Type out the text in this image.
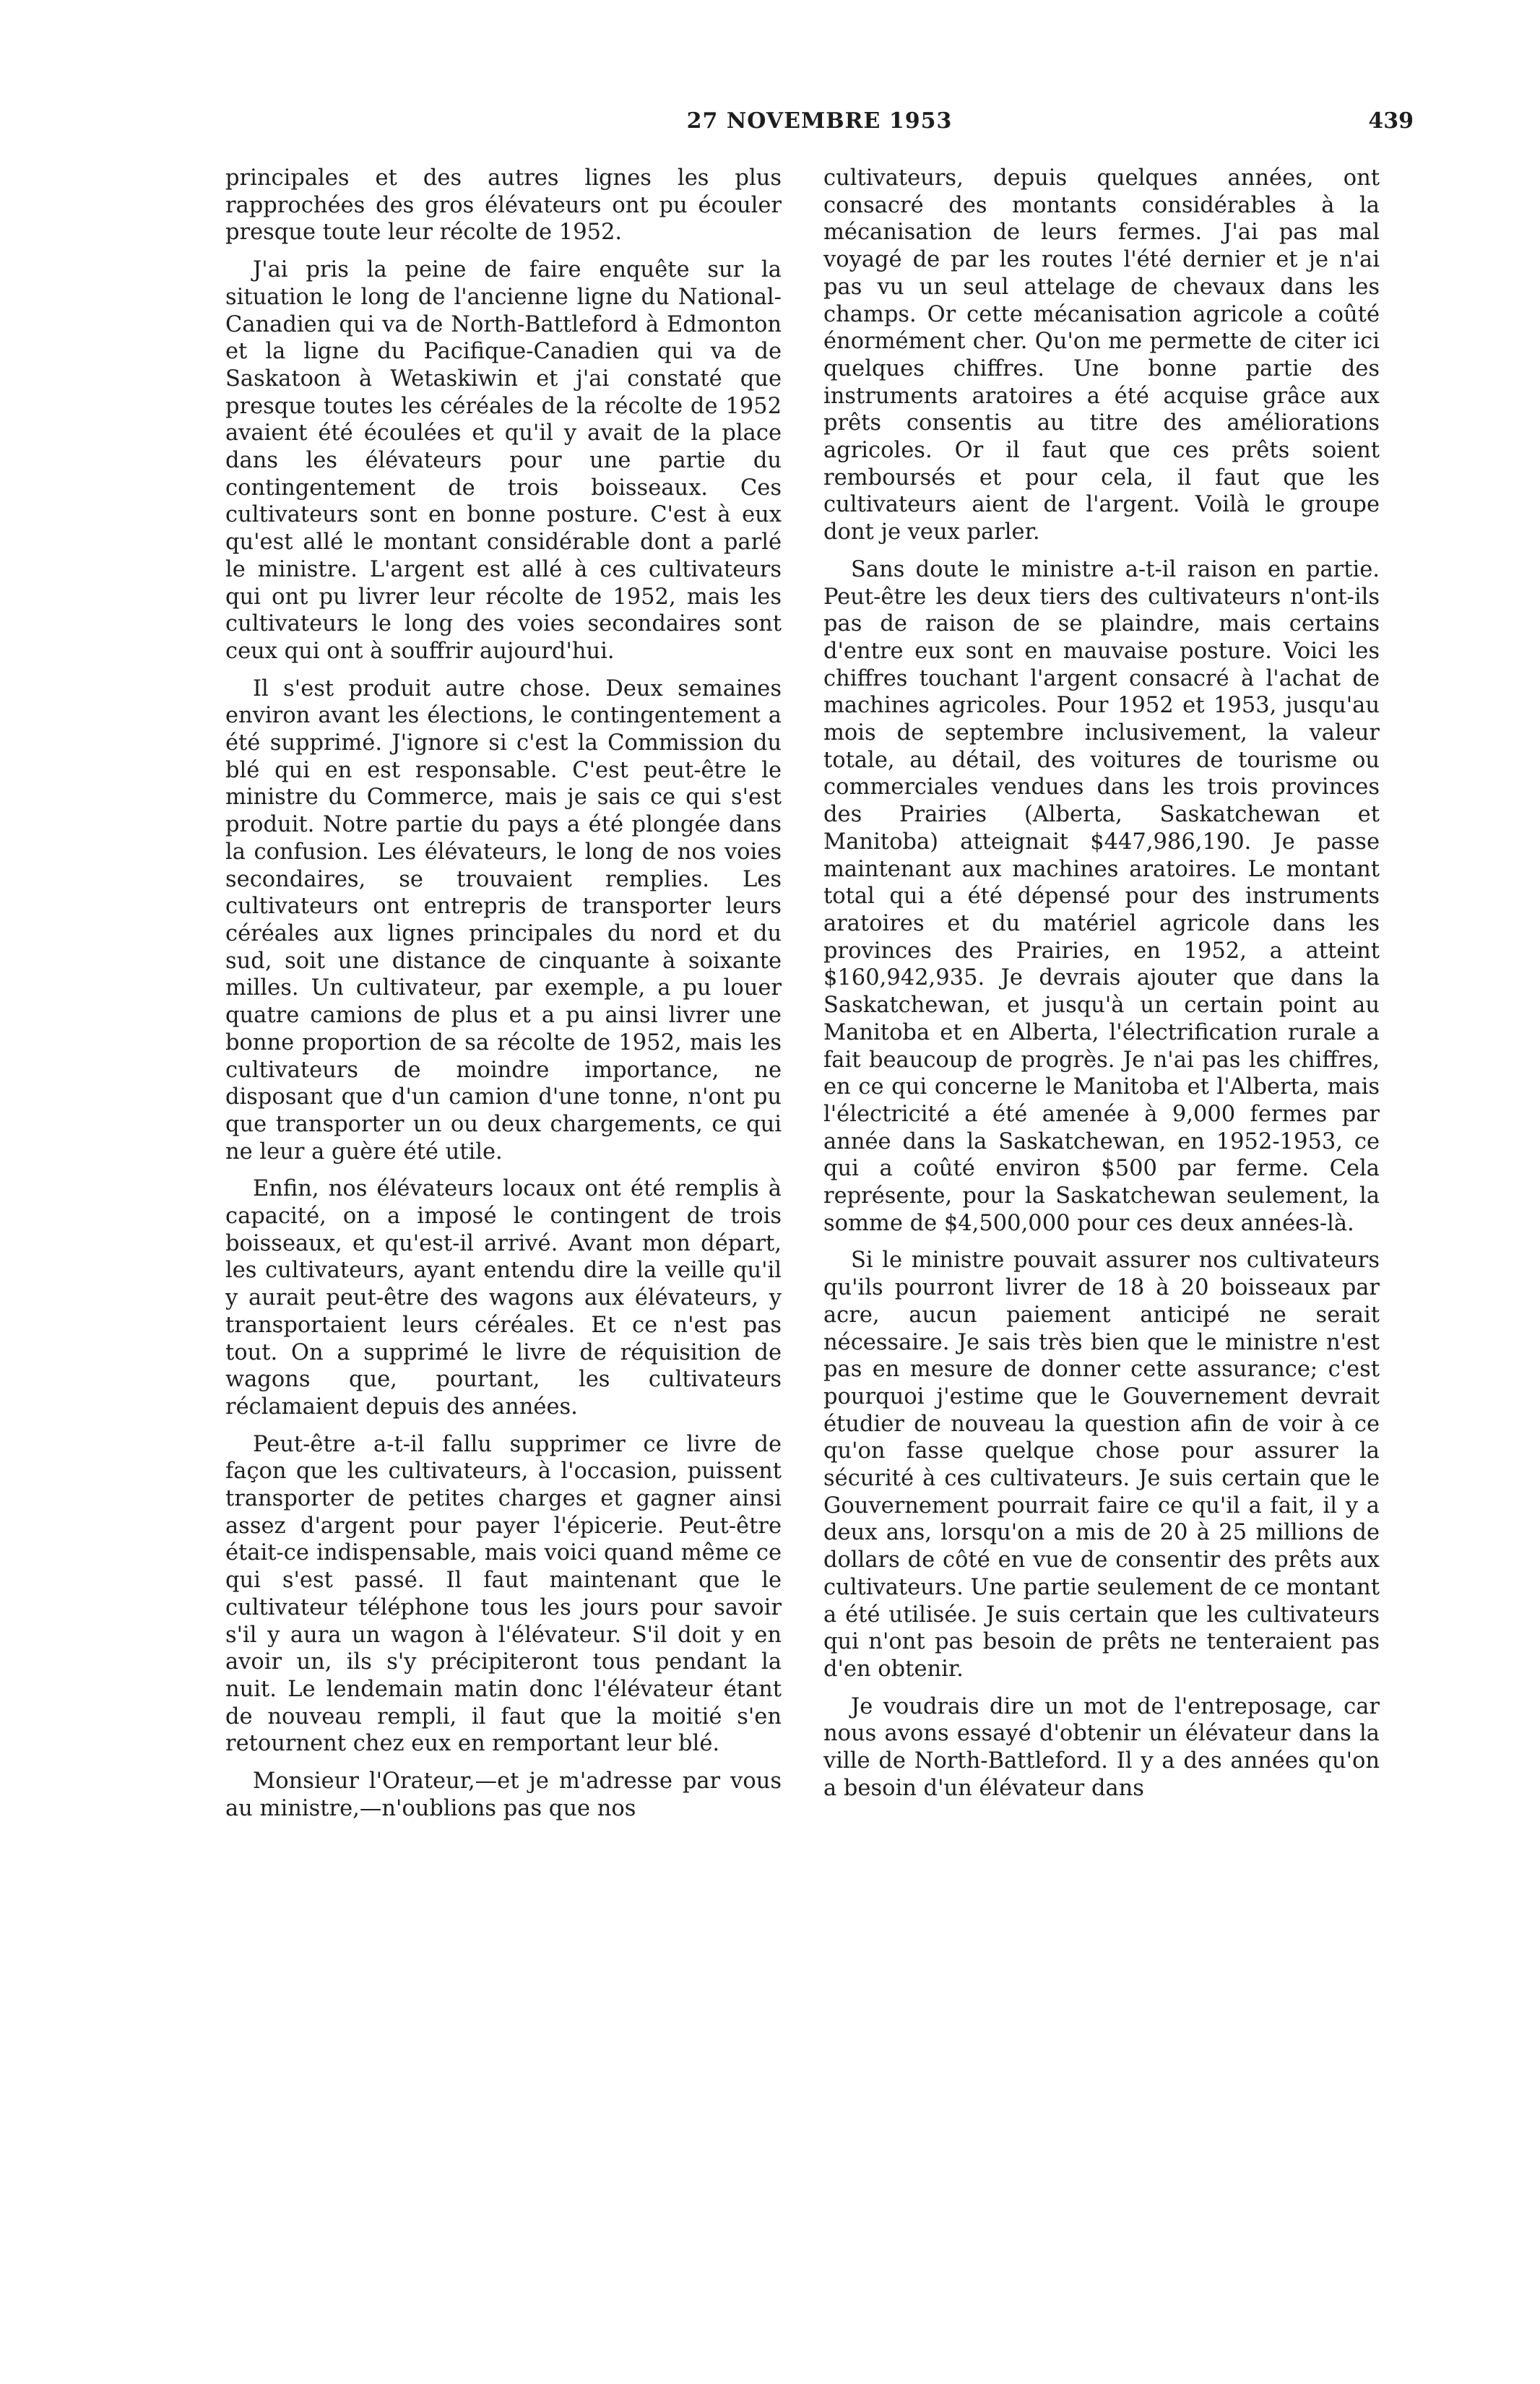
27 NOVEMBRE 1953	439

principales et des autres lignes les plus rapprochées des gros élévateurs ont pu écouler presque toute leur récolte de 1952.

J'ai pris la peine de faire enquête sur la situation le long de l'ancienne ligne du National-Canadien qui va de North-Battleford à Edmonton et la ligne du Pacifique-Canadien qui va de Saskatoon à Wetaskiwin et j'ai constaté que presque toutes les céréales de la récolte de 1952 avaient été écoulées et qu'il y avait de la place dans les élévateurs pour une partie du contingentement de trois boisseaux. Ces cultivateurs sont en bonne posture. C'est à eux qu'est allé le montant considérable dont a parlé le ministre. L'argent est allé à ces cultivateurs qui ont pu livrer leur récolte de 1952, mais les cultivateurs le long des voies secondaires sont ceux qui ont à souffrir aujourd'hui.

Il s'est produit autre chose. Deux semaines environ avant les élections, le contingentement a été supprimé. J'ignore si c'est la Commission du blé qui en est responsable. C'est peut-être le ministre du Commerce, mais je sais ce qui s'est produit. Notre partie du pays a été plongée dans la confusion. Les élévateurs, le long de nos voies secondaires, se trouvaient remplies. Les cultivateurs ont entrepris de transporter leurs céréales aux lignes principales du nord et du sud, soit une distance de cinquante à soixante milles. Un cultivateur, par exemple, a pu louer quatre camions de plus et a pu ainsi livrer une bonne proportion de sa récolte de 1952, mais les cultivateurs de moindre importance, ne disposant que d'un camion d'une tonne, n'ont pu que transporter un ou deux chargements, ce qui ne leur a guère été utile.

Enfin, nos élévateurs locaux ont été remplis à capacité, on a imposé le contingent de trois boisseaux, et qu'est-il arrivé. Avant mon départ, les cultivateurs, ayant entendu dire la veille qu'il y aurait peut-être des wagons aux élévateurs, y transportaient leurs céréales. Et ce n'est pas tout. On a supprimé le livre de réquisition de wagons que, pourtant, les cultivateurs réclamaient depuis des années.

Peut-être a-t-il fallu supprimer ce livre de façon que les cultivateurs, à l'occasion, puissent transporter de petites charges et gagner ainsi assez d'argent pour payer l'épicerie. Peut-être était-ce indispensable, mais voici quand même ce qui s'est passé. Il faut maintenant que le cultivateur téléphone tous les jours pour savoir s'il y aura un wagon à l'élévateur. S'il doit y en avoir un, ils s'y précipiteront tous pendant la nuit. Le lendemain matin donc l'élévateur étant de nouveau rempli, il faut que la moitié s'en retournent chez eux en remportant leur blé.

Monsieur l'Orateur,—et je m'adresse par vous au ministre,—n'oublions pas que nos

cultivateurs, depuis quelques années, ont consacré des montants considérables à la mécanisation de leurs fermes. J'ai pas mal voyagé de par les routes l'été dernier et je n'ai pas vu un seul attelage de chevaux dans les champs. Or cette mécanisation agricole a coûté énormément cher. Qu'on me permette de citer ici quelques chiffres. Une bonne partie des instruments aratoires a été acquise grâce aux prêts consentis au titre des améliorations agricoles. Or il faut que ces prêts soient remboursés et pour cela, il faut que les cultivateurs aient de l'argent. Voilà le groupe dont je veux parler.

Sans doute le ministre a-t-il raison en partie. Peut-être les deux tiers des cultivateurs n'ont-ils pas de raison de se plaindre, mais certains d'entre eux sont en mauvaise posture. Voici les chiffres touchant l'argent consacré à l'achat de machines agricoles. Pour 1952 et 1953, jusqu'au mois de septembre inclusivement, la valeur totale, au détail, des voitures de tourisme ou commerciales vendues dans les trois provinces des Prairies (Alberta, Saskatchewan et Manitoba) atteignait $447,986,190. Je passe maintenant aux machines aratoires. Le montant total qui a été dépensé pour des instruments aratoires et du matériel agricole dans les provinces des Prairies, en 1952, a atteint $160,942,935. Je devrais ajouter que dans la Saskatchewan, et jusqu'à un certain point au Manitoba et en Alberta, l'électrification rurale a fait beaucoup de progrès. Je n'ai pas les chiffres, en ce qui concerne le Manitoba et l'Alberta, mais l'électricité a été amenée à 9,000 fermes par année dans la Saskatchewan, en 1952-1953, ce qui a coûté environ $500 par ferme. Cela représente, pour la Saskatchewan seulement, la somme de $4,500,000 pour ces deux années-là.

Si le ministre pouvait assurer nos cultivateurs qu'ils pourront livrer de 18 à 20 boisseaux par acre, aucun paiement anticipé ne serait nécessaire. Je sais très bien que le ministre n'est pas en mesure de donner cette assurance; c'est pourquoi j'estime que le Gouvernement devrait étudier de nouveau la question afin de voir à ce qu'on fasse quelque chose pour assurer la sécurité à ces cultivateurs. Je suis certain que le Gouvernement pourrait faire ce qu'il a fait, il y a deux ans, lorsqu'on a mis de 20 à 25 millions de dollars de côté en vue de consentir des prêts aux cultivateurs. Une partie seulement de ce montant a été utilisée. Je suis certain que les cultivateurs qui n'ont pas besoin de prêts ne tenteraient pas d'en obtenir.

Je voudrais dire un mot de l'entreposage, car nous avons essayé d'obtenir un élévateur dans la ville de North-Battleford. Il y a des années qu'on a besoin d'un élévateur dans
